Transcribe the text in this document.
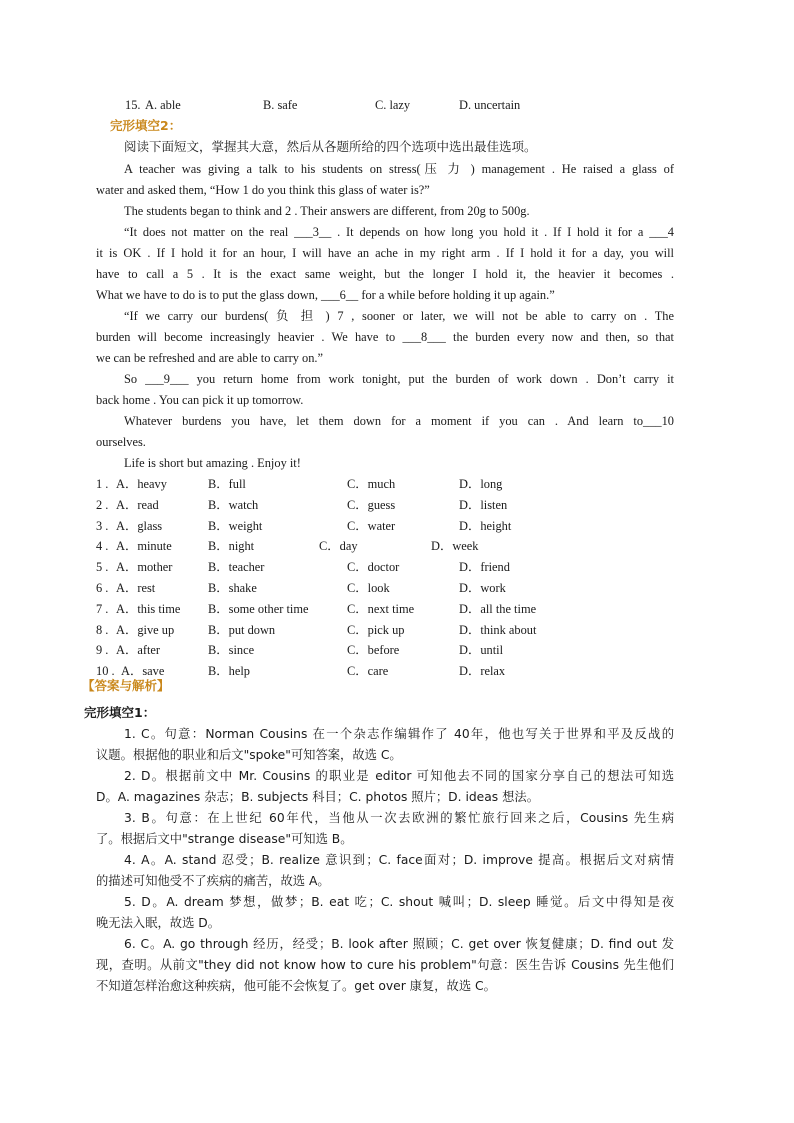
15. A. able	B. safe	C. lazy	D. uncertain
完形填空2：
阅读下面短文，掌握其大意，然后从各题所给的四个选项中选出最佳选项。
A teacher was giving a talk to his students on stress(压 力 ) management . He raised a glass of
water and asked them, “How 1 do you think this glass of water is?”
The students began to think and 2 . Their answers are different, from 20g to 500g.
“It does not matter on the real ___3__ . It depends on how long you hold it . If I hold it for a ___4
it is OK . If I hold it for an hour, I will have an ache in my right arm . If I hold it for a day, you will
have to call a 5 . It is the exact same weight, but the longer I hold it, the heavier it becomes .
What we have to do is to put the glass down, ___6__ for a while before holding it up again.”
“If we carry our burdens( 负 担 ) 7 , sooner or later, we will not be able to carry on . The
burden will become increasingly heavier . We have to ___8___ the burden every now and then, so that
we can be refreshed and are able to carry on.”
So ___9___ you return home from work tonight, put the burden of work down . Don’t carry it
back home . You can pick it up tomorrow.
Whatever burdens you have, let them down for a moment if you can . And learn to___10
ourselves.
Life is short but amazing . Enjoy it!
1 . A．heavy	B．full	C．much	D．long
2 . A．read	B．watch	C．guess	D．listen
3 . A．glass	B．weight	C．water	D．height
4 . A．minute	B．night	C．day	D．week
5 . A．mother	B．teacher	C．doctor	D．friend
6 . A．rest	B．shake	C．look	D．work
7 . A．this time B．some other time	C．next time	D．all the time
8 . A．give up	B．put down	C．pick up	D．think about
9 . A．after	B．since	C．before	D．until
10 . A．save	B．help	C．care	D．relax
【答案与解析】
完形填空1：
1. C。句意：Norman Cousins 在一个杂志作编辑作了 40年，他也写关于世界和平及反战的
议题。根据他的职业和后文"spoke"可知答案，故选 C。
2. D。根据前文中 Mr. Cousins 的职业是 editor 可知他去不同的国家分享自己的想法可知选
D。A. magazines 杂志；B. subjects 科目；C. photos 照片；D. ideas 想法。
3. B。句意：在上世纪 60年代，当他从一次去欧洲的繁忙旅行回来之后，Cousins 先生病
了。根据后文中"strange disease"可知选 B。
4. A。A. stand 忍受；B. realize 意识到；C. face面对；D. improve 提高。根据后文对病情
的描述可知他受不了疾病的痛苦，故选 A。
5. D。A. dream 梦想，做梦；B. eat 吃；C. shout 喊叫；D. sleep 睡觉。后文中得知是夜
晚无法入眠，故选 D。
6. C。A. go through 经历，经受；B. look after 照顾；C. get over 恢复健康；D. find out 发
现，查明。从前文"they did not know how to cure his problem"句意：医生告诉 Cousins 先生他们
不知道怎样治愈这种疾病，他可能不会恢复了。get over 康复，故选 C。
